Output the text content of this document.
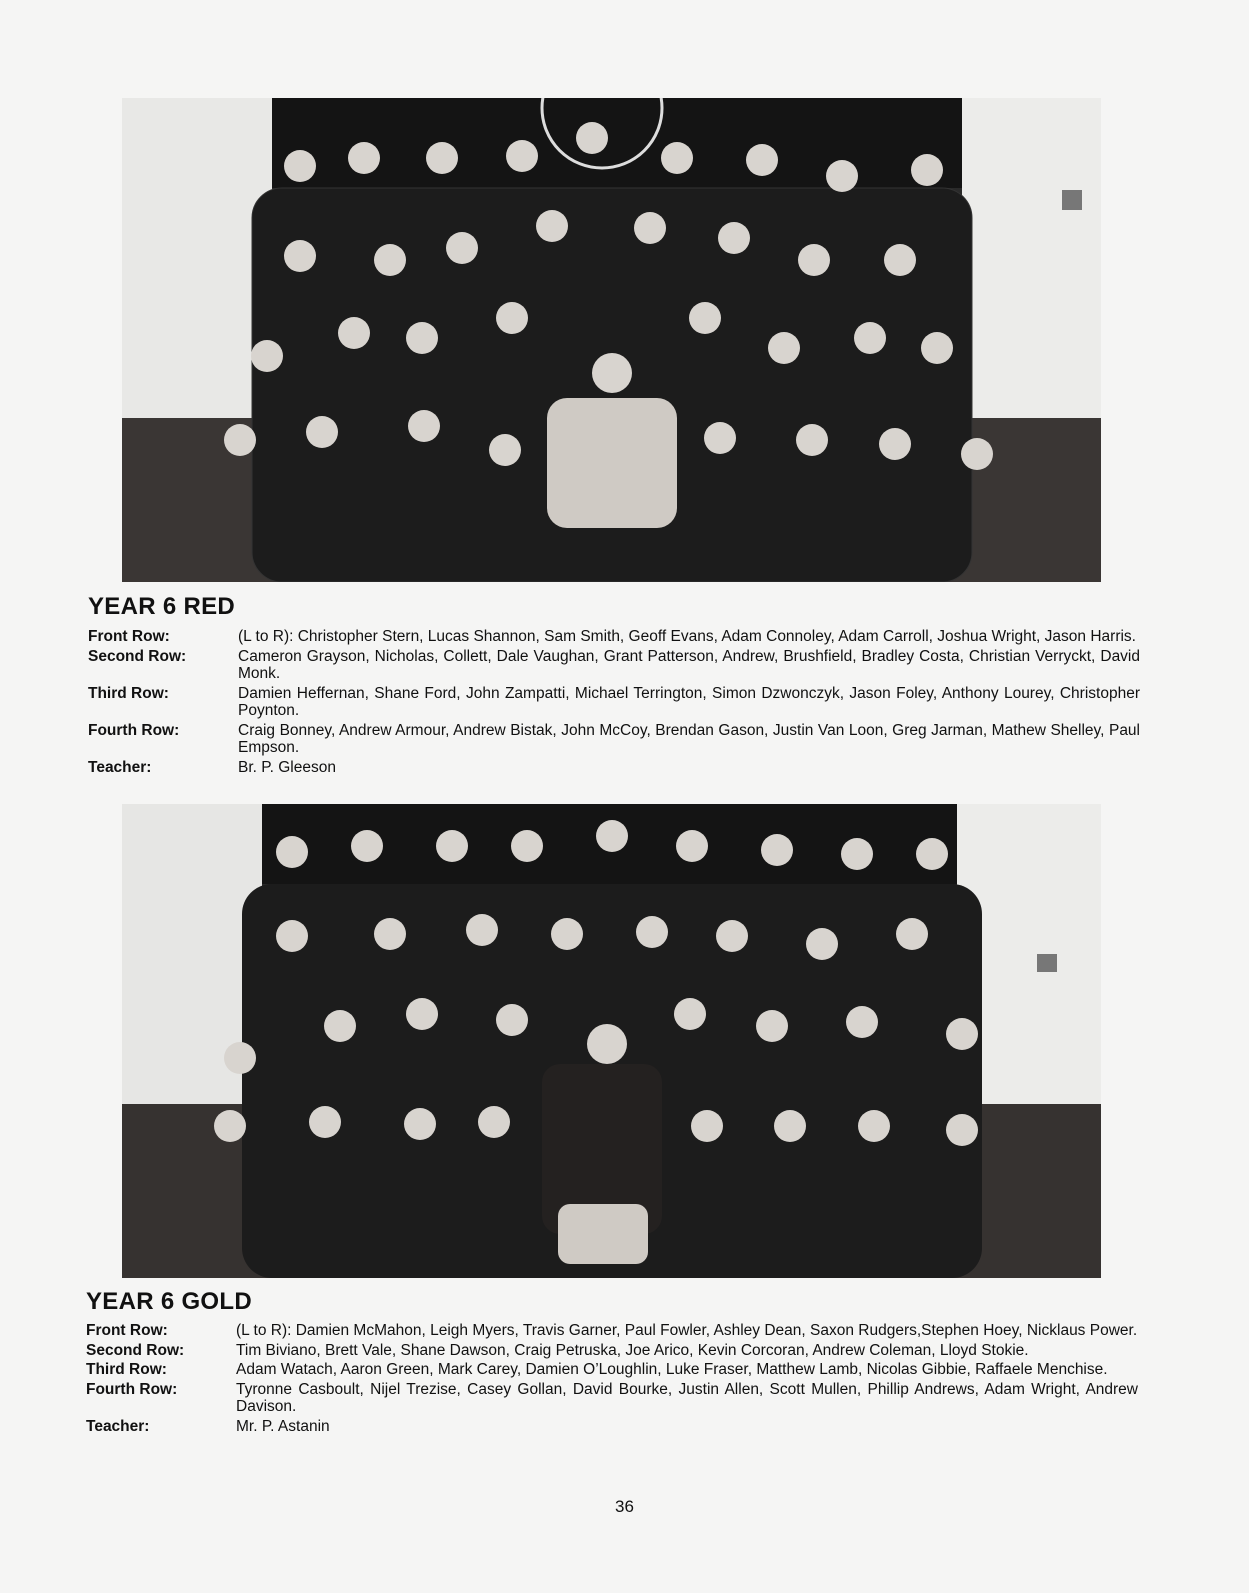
YEAR 6 RED
Front Row:	(L to R): Christopher Stern, Lucas Shannon, Sam Smith, Geoff Evans, Adam Connoley, Adam Carroll, Joshua Wright, Jason Harris.
Second Row:	Cameron Grayson, Nicholas, Collett, Dale Vaughan, Grant Patterson, Andrew, Brushfield, Bradley Costa, Christian Verryckt, David Monk.
Third Row:	Damien Heffernan, Shane Ford, John Zampatti, Michael Terrington, Simon Dzwonczyk, Jason Foley, Anthony Lourey, Christopher Poynton.
Fourth Row:	Craig Bonney, Andrew Armour, Andrew Bistak, John McCoy, Brendan Gason, Justin Van Loon, Greg Jarman, Mathew Shelley, Paul Empson.
Teacher:	Br. P. Gleeson
YEAR 6 GOLD
Front Row:	(L to R): Damien McMahon, Leigh Myers, Travis Garner, Paul Fowler, Ashley Dean, Saxon Rudgers,Stephen Hoey, Nicklaus Power.
Second Row:	Tim Biviano, Brett Vale, Shane Dawson, Craig Petruska, Joe Arico, Kevin Corcoran, Andrew Coleman, Lloyd Stokie.
Third Row:	Adam Watach, Aaron Green, Mark Carey, Damien O’Loughlin, Luke Fraser, Matthew Lamb, Nicolas Gibbie, Raffaele Menchise.
Fourth Row:	Tyronne Casboult, Nijel Trezise, Casey Gollan, David Bourke, Justin Allen, Scott Mullen, Phillip Andrews, Adam Wright, Andrew Davison.
Teacher:	Mr. P. Astanin
36
